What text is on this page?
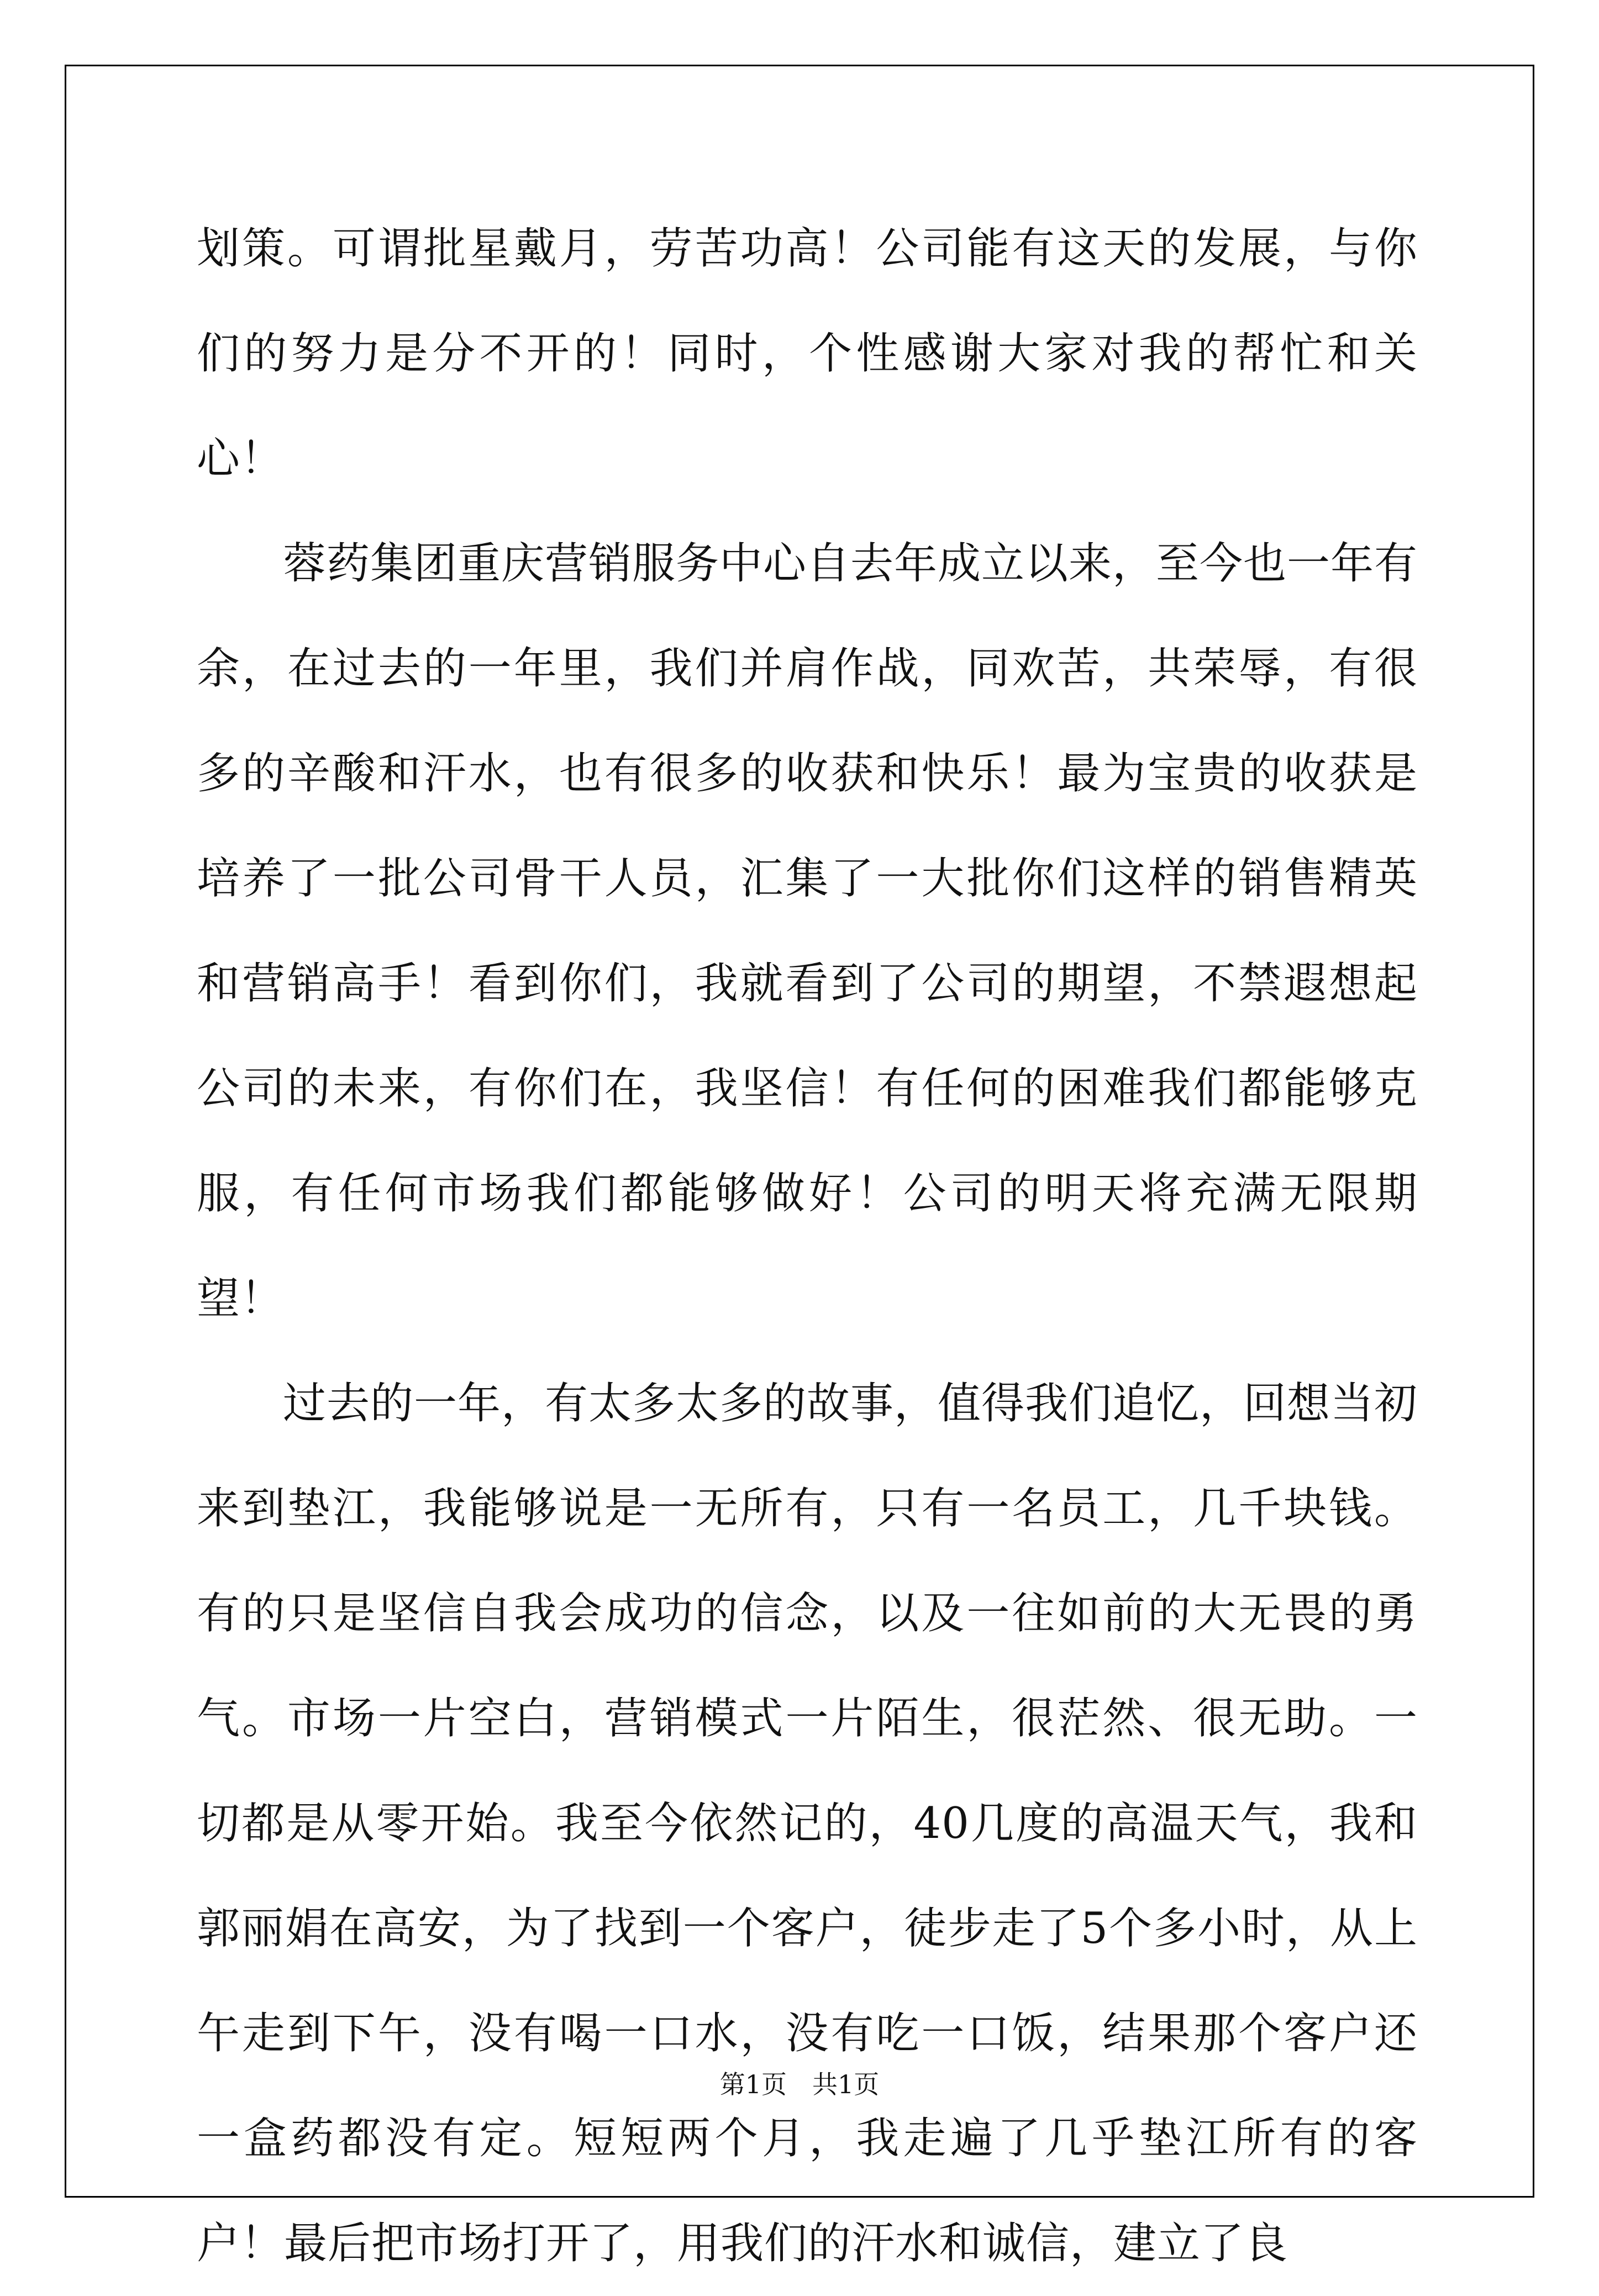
划策。可谓批星戴月，劳苦功高！公司能有这天的发展，与你们的努力是分不开的！同时，个性感谢大家对我的帮忙和关心！

蓉药集团重庆营销服务中心自去年成立以来，至今也一年有余，在过去的一年里，我们并肩作战，同欢苦，共荣辱，有很多的辛酸和汗水，也有很多的收获和快乐！最为宝贵的收获是培养了一批公司骨干人员，汇集了一大批你们这样的销售精英和营销高手！看到你们，我就看到了公司的期望，不禁遐想起公司的未来，有你们在，我坚信！有任何的困难我们都能够克服，有任何市场我们都能够做好！公司的明天将充满无限期望！

过去的一年，有太多太多的故事，值得我们追忆，回想当初来到垫江，我能够说是一无所有，只有一名员工，几千块钱。有的只是坚信自我会成功的信念，以及一往如前的大无畏的勇气。市场一片空白，营销模式一片陌生，很茫然、很无助。一切都是从零开始。我至今依然记的，40几度的高温天气，我和郭丽娟在高安，为了找到一个客户，徒步走了5个多小时，从上午走到下午，没有喝一口水，没有吃一口饭，结果那个客户还一盒药都没有定。短短两个月，我走遍了几乎垫江所有的客户！最后把市场打开了，用我们的汗水和诚信，建立了良

第1页 共1页
